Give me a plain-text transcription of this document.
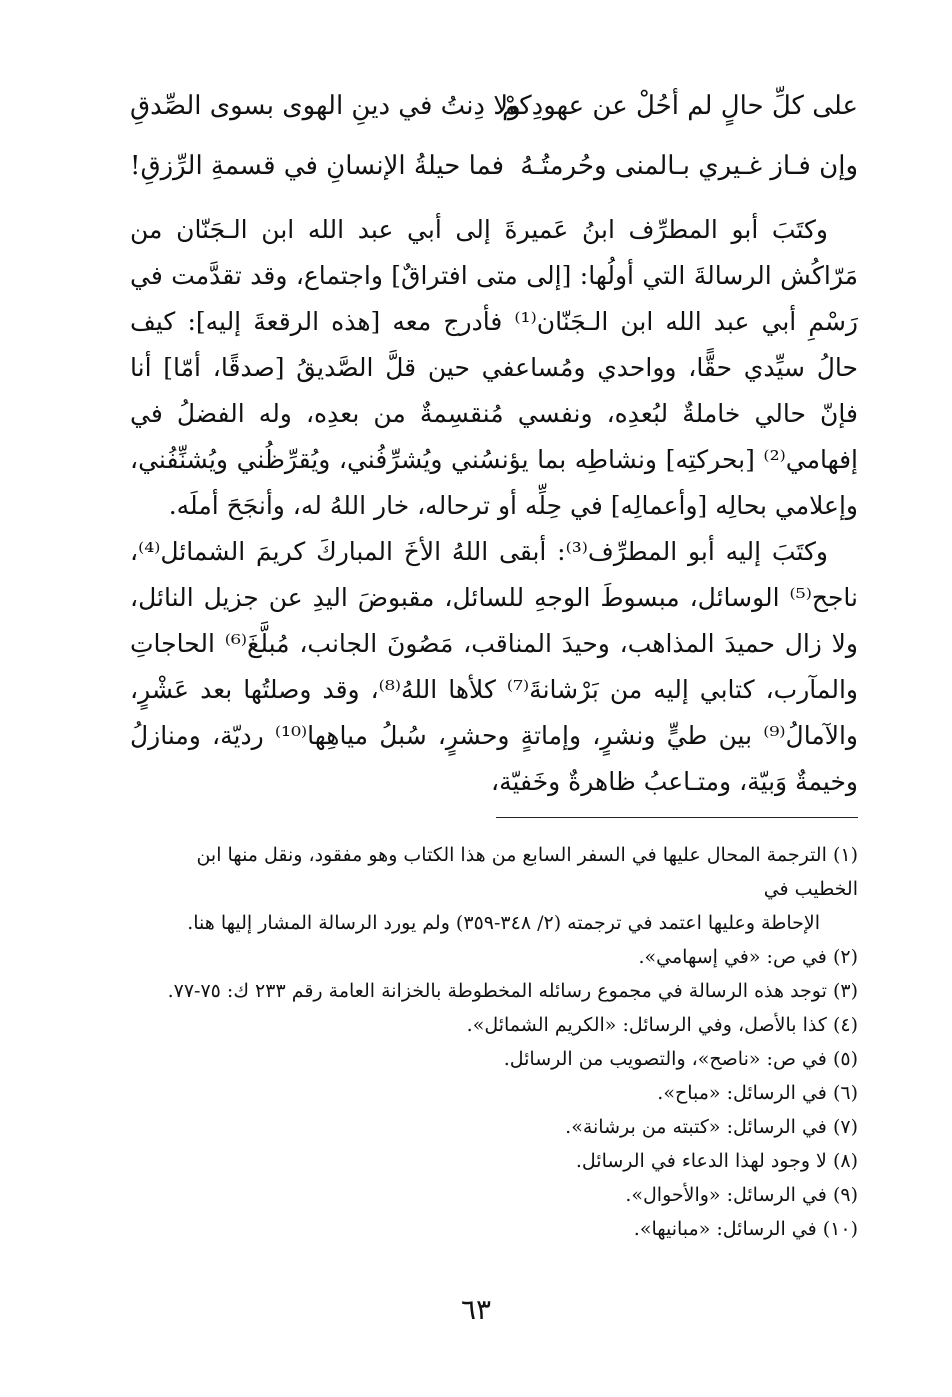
على كلِّ حالٍ لم أحُلْ عن عهودِكمْ
ولا دِنتُ في دينِ الهوى بسوى الصِّدقِ
وإن فـاز غـيري بـالمنى وحُرمتُـهُ
فما حيلةُ الإنسانِ في قسمةِ الرِّزقِ!

وكتَبَ أبو المطرِّف ابنُ عَميرةَ إلى أبي عبد الله ابن الـجَنّان من مَرّاكُش الرسالةَ التي أولُها: [إلى متى افتراقٌ] واجتماع، وقد تقدَّمت في رَسْمِ أبي عبد الله ابن الـجَنّان⁽¹⁾ فأدرج معه [هذه الرقعةَ إليه]: كيف حالُ سيِّدي حقًّا، وواحدي ومُساعفي حين قلَّ الصَّديقُ [صدقًا، أمّا] أنا فإنّ حالي خاملةٌ لبُعدِه، ونفسي مُنقسِمةٌ من بعدِه، وله الفضلُ في إفهامي⁽²⁾ [بحركتِه] ونشاطِه بما يؤنسُني ويُشرِّفُني، ويُقرِّظُني ويُشنِّفُني، وإعلامي بحالِه [وأعمالِه] في حِلِّه أو ترحاله، خار اللهُ له، وأنجَحَ أملَه.

وكتَبَ إليه أبو المطرِّف⁽³⁾: أبقى اللهُ الأخَ المباركَ كريمَ الشمائل⁽⁴⁾، ناجح⁽⁵⁾ الوسائل، مبسوطَ الوجهِ للسائل، مقبوضَ اليدِ عن جزيل النائل، ولا زال حميدَ المذاهب، وحيدَ المناقب، مَصُونَ الجانب، مُبلَّغَ⁽⁶⁾ الحاجاتِ والمآرب، كتابي إليه من بَرْشانةَ⁽⁷⁾ كلأها اللهُ⁽⁸⁾، وقد وصلتُها بعد عَشْرٍ، والآمالُ⁽⁹⁾ بين طيٍّ ونشرٍ، وإماتةٍ وحشرٍ، سُبلُ مياهِها⁽¹⁰⁾ رديّة، ومنازلُ وخيمةٌ وَبيّة، ومتـاعبُ ظاهرةٌ وخَفيّة،

(١) الترجمة المحال عليها في السفر السابع من هذا الكتاب وهو مفقود، ونقل منها ابن الخطيب في

الإحاطة وعليها اعتمد في ترجمته (٢/ ٣٤٨-٣٥٩) ولم يورد الرسالة المشار إليها هنا.

(٢) في ص: «في إسهامي».

(٣) توجد هذه الرسالة في مجموع رسائله المخطوطة بالخزانة العامة رقم ٢٣٣ ك: ٧٥-٧٧.

(٤) كذا بالأصل، وفي الرسائل: «الكريم الشمائل».

(٥) في ص: «ناصح»، والتصويب من الرسائل.

(٦) في الرسائل: «مباح».

(٧) في الرسائل: «كتبته من برشانة».

(٨) لا وجود لهذا الدعاء في الرسائل.

(٩) في الرسائل: «والأحوال».

(١٠) في الرسائل: «مبانيها».

٦٣
